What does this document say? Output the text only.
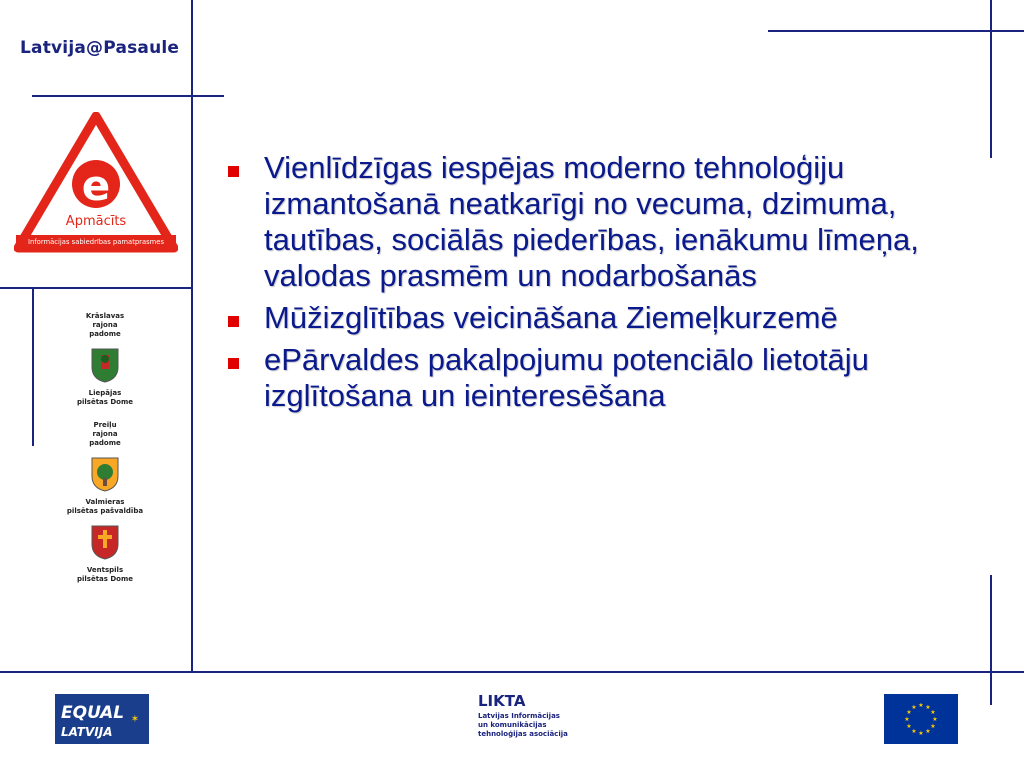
Latvija@Pasaule
e
Apmācīts
Informācijas sabiedrības pamatprasmes
Krāslavas
rajona
padome
Liepājas
pilsētas Dome
Preiļu
rajona
padome
Valmieras
pilsētas pašvaldība
Ventspils
pilsētas Dome
Vienlīdzīgas iespējas moderno tehnoloģiju izmantošanā neatkarīgi no vecuma, dzimuma, tautības, sociālās piederības, ienākumu līmeņa, valodas prasmēm un nodarbošanās
Mūžizglītības veicināšana Ziemeļkurzemē
ePārvaldes pakalpojumu potenciālo lietotāju izglītošana un ieinteresēšana
EQUAL
LATVIJA
✶
LIKTA
Latvijas Informācijas
un komunikācijas
tehnoloģijas asociācija
★ ★
★
★
★
★
★
★
★
★
★
★
